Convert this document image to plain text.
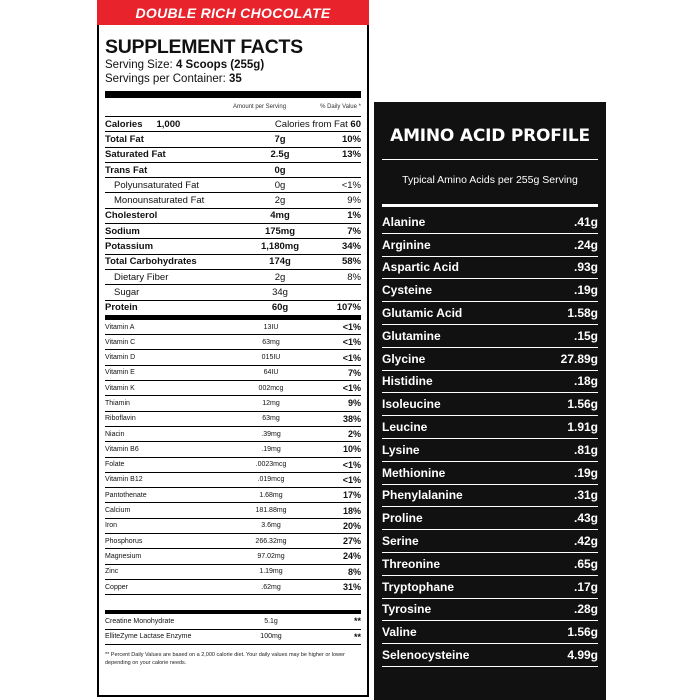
DOUBLE RICH CHOCOLATE
SUPPLEMENT FACTS
Serving Size: 4 Scoops (255g)
Servings per Container: 35
Amount per Serving	% Daily Value *
Calories 1,000	Calories from Fat 60
Total Fat	7g	10%
Saturated Fat	2.5g	13%
Trans Fat	0g
Polyunsaturated Fat	0g	<1%
Monounsaturated Fat	2g	9%
Cholesterol	4mg	1%
Sodium	175mg	7%
Potassium	1,180mg	34%
Total Carbohydrates	174g	58%
Dietary Fiber	2g	8%
Sugar	34g
Protein	60g	107%
Vitamin A	13IU	<1%
Vitamin C	63mg	<1%
Vitamin D	015IU	<1%
Vitamin E	64IU	7%
Vitamin K	002mcg	<1%
Thiamin	12mg	9%
Riboflavin	63mg	38%
Niacin	.39mg	2%
Vitamin B6	.19mg	10%
Folate	.0023mcg	<1%
Vitamin B12	.019mcg	<1%
Pantothenate	1.68mg	17%
Calcium	181.88mg	18%
Iron	3.6mg	20%
Phosphorus	266.32mg	27%
Magnesium	97.02mg	24%
Zinc	1.19mg	8%
Copper	.62mg	31%
Creatine Monohydrate	5.1g	**
ElliteZyme Lactase Enzyme	100mg	**
** Percent Daily Values are based on a 2,000 calorie diet. Your daily values may be higher or lower depending on your calorie needs.
AMINO ACID PROFILE
Typical Amino Acids per 255g Serving
Alanine	.41g
Arginine	.24g
Aspartic Acid	.93g
Cysteine	.19g
Glutamic Acid	1.58g
Glutamine	.15g
Glycine	27.89g
Histidine	.18g
Isoleucine	1.56g
Leucine	1.91g
Lysine	.81g
Methionine	.19g
Phenylalanine	.31g
Proline	.43g
Serine	.42g
Threonine	.65g
Tryptophane	.17g
Tyrosine	.28g
Valine	1.56g
Selenocysteine	4.99g
